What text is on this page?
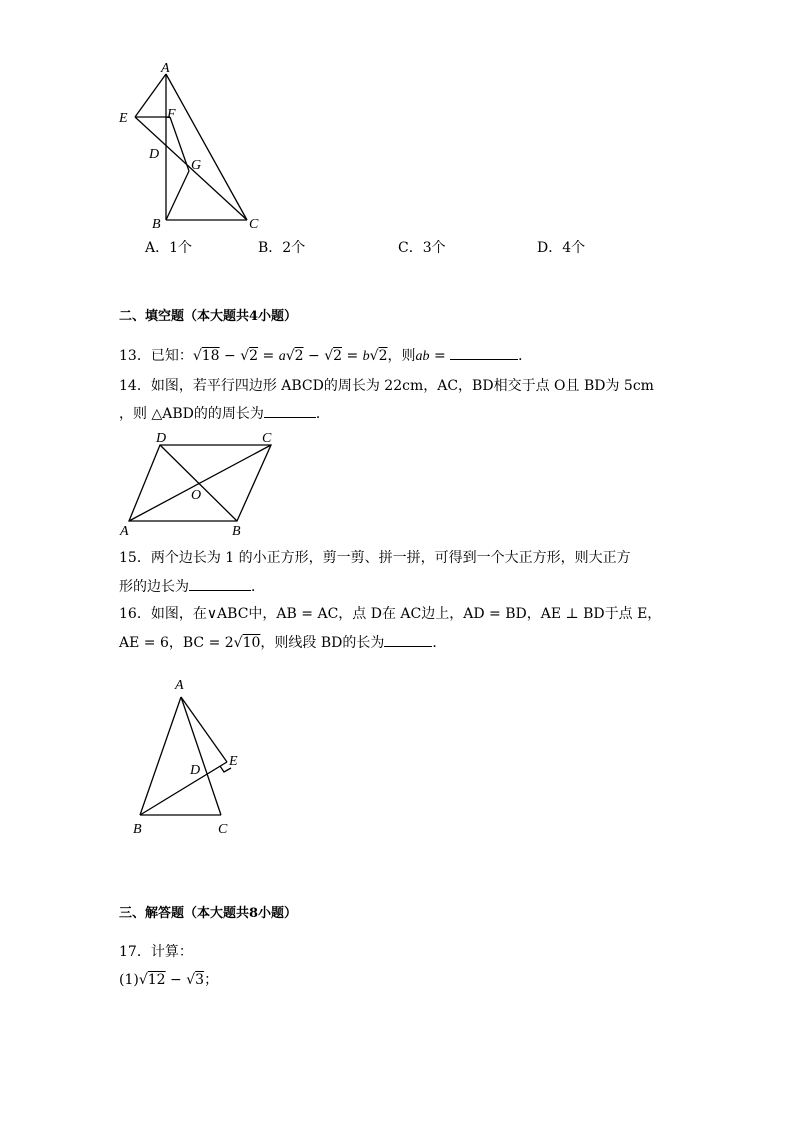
A
E	F
D
G
B	C
A．1个	B．2个	C．3个	D．4个
二、填空题（本大题共4小题）
13．已知：√18 − √2 = a√2 − √2 = b√2，则ab =	．
14．如图，若平行四边形 ABCD的周长为 22cm，AC，BD相交于点 O且 BD为 5cm
，则 △ABD的的周长为	．
D	C
O
A	B
15．两个边长为 1 的小正方形，剪一剪、拼一拼，可得到一个大正方形，则大正方
形的边长为	．
16．如图，在∨ABC中，AB = AC，点 D在 AC边上，AD = BD，AE ⊥ BD于点 E，
AE = 6，BC = 2√10，则线段 BD的长为	．
A
D
E
B	C
三、解答题（本大题共8小题）
17．计算：
(1)√12 − √3；
